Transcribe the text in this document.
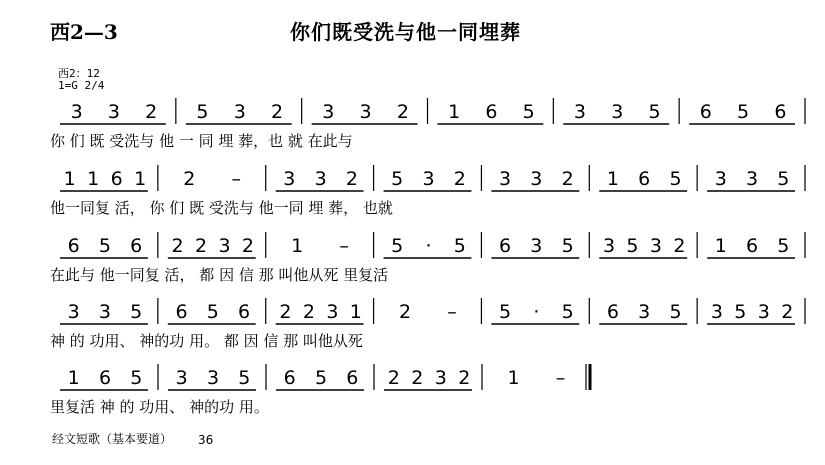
西2—3	你们既受洗与他一同埋葬
西2：12
1=G 2/4
3 3 2 5 3 2 3 3 2 1 6 5 3 3 5 6 5 6
你 们 既 受洗与 他 一 同 埋 葬，也 就 在此与
1 1 6 1 2 – 3 3 2 5 3 2 3 3 2 1 6 5 3 3 5
他一同复 活， 你 们 既 受洗与 他一同 埋 葬， 也就
6 5 6 2 2 3 2 1 – 5 · 5 6 3 5 3 5 3 2 1 6 5
在此与 他一同复 活， 都 因 信 那 叫他从死 里复活
3 3 5 6 5 6 2 2 3 1 2 – 5 · 5 6 3 5 3 5 3 2
神 的 功用、 神的功 用。 都 因 信 那 叫他从死
1 6 5 3 3 5 6 5 6 2 2 3 2 1 –
里复活 神 的 功用、 神的功 用。
经文短歌（基本要道） 36
